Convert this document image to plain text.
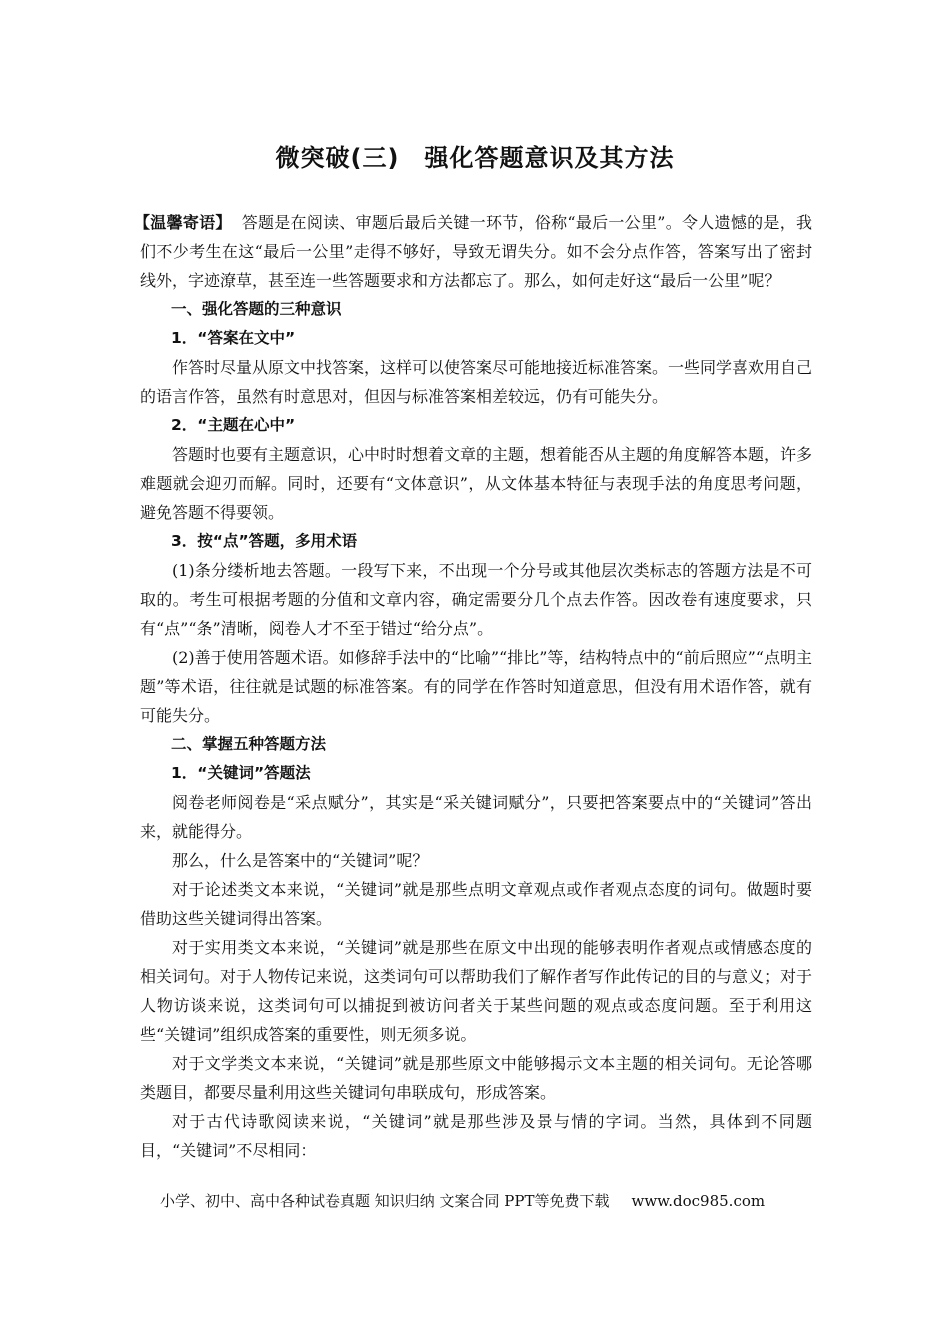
微突破(三)　强化答题意识及其方法

【温馨寄语】 答题是在阅读、审题后最后关键一环节，俗称“最后一公里”。令人遗憾的是，我们不少考生在这“最后一公里”走得不够好，导致无谓失分。如不会分点作答，答案写出了密封线外，字迹潦草，甚至连一些答题要求和方法都忘了。那么，如何走好这“最后一公里”呢？

一、强化答题的三种意识

1．“答案在文中”

作答时尽量从原文中找答案，这样可以使答案尽可能地接近标准答案。一些同学喜欢用自己的语言作答，虽然有时意思对，但因与标准答案相差较远，仍有可能失分。

2．“主题在心中”

答题时也要有主题意识，心中时时想着文章的主题，想着能否从主题的角度解答本题，许多难题就会迎刃而解。同时，还要有“文体意识”，从文体基本特征与表现手法的角度思考问题，避免答题不得要领。

3．按“点”答题，多用术语

(1)条分缕析地去答题。一段写下来，不出现一个分号或其他层次类标志的答题方法是不可取的。考生可根据考题的分值和文章内容，确定需要分几个点去作答。因改卷有速度要求，只有“点”“条”清晰，阅卷人才不至于错过“给分点”。

(2)善于使用答题术语。如修辞手法中的“比喻”“排比”等，结构特点中的“前后照应”“点明主题”等术语，往往就是试题的标准答案。有的同学在作答时知道意思，但没有用术语作答，就有可能失分。

二、掌握五种答题方法

1．“关键词”答题法

阅卷老师阅卷是“采点赋分”，其实是“采关键词赋分”，只要把答案要点中的“关键词”答出来，就能得分。

那么，什么是答案中的“关键词”呢？

对于论述类文本来说，“关键词”就是那些点明文章观点或作者观点态度的词句。做题时要借助这些关键词得出答案。

对于实用类文本来说，“关键词”就是那些在原文中出现的能够表明作者观点或情感态度的相关词句。对于人物传记来说，这类词句可以帮助我们了解作者写作此传记的目的与意义；对于人物访谈来说，这类词句可以捕捉到被访问者关于某些问题的观点或态度问题。至于利用这些“关键词”组织成答案的重要性，则无须多说。

对于文学类文本来说，“关键词”就是那些原文中能够揭示文本主题的相关词句。无论答哪类题目，都要尽量利用这些关键词句串联成句，形成答案。

对于古代诗歌阅读来说，“关键词”就是那些涉及景与情的字词。当然，具体到不同题目，“关键词”不尽相同：

小学、初中、高中各种试卷真题 知识归纳 文案合同 PPT等免费下载 www.doc985.com
